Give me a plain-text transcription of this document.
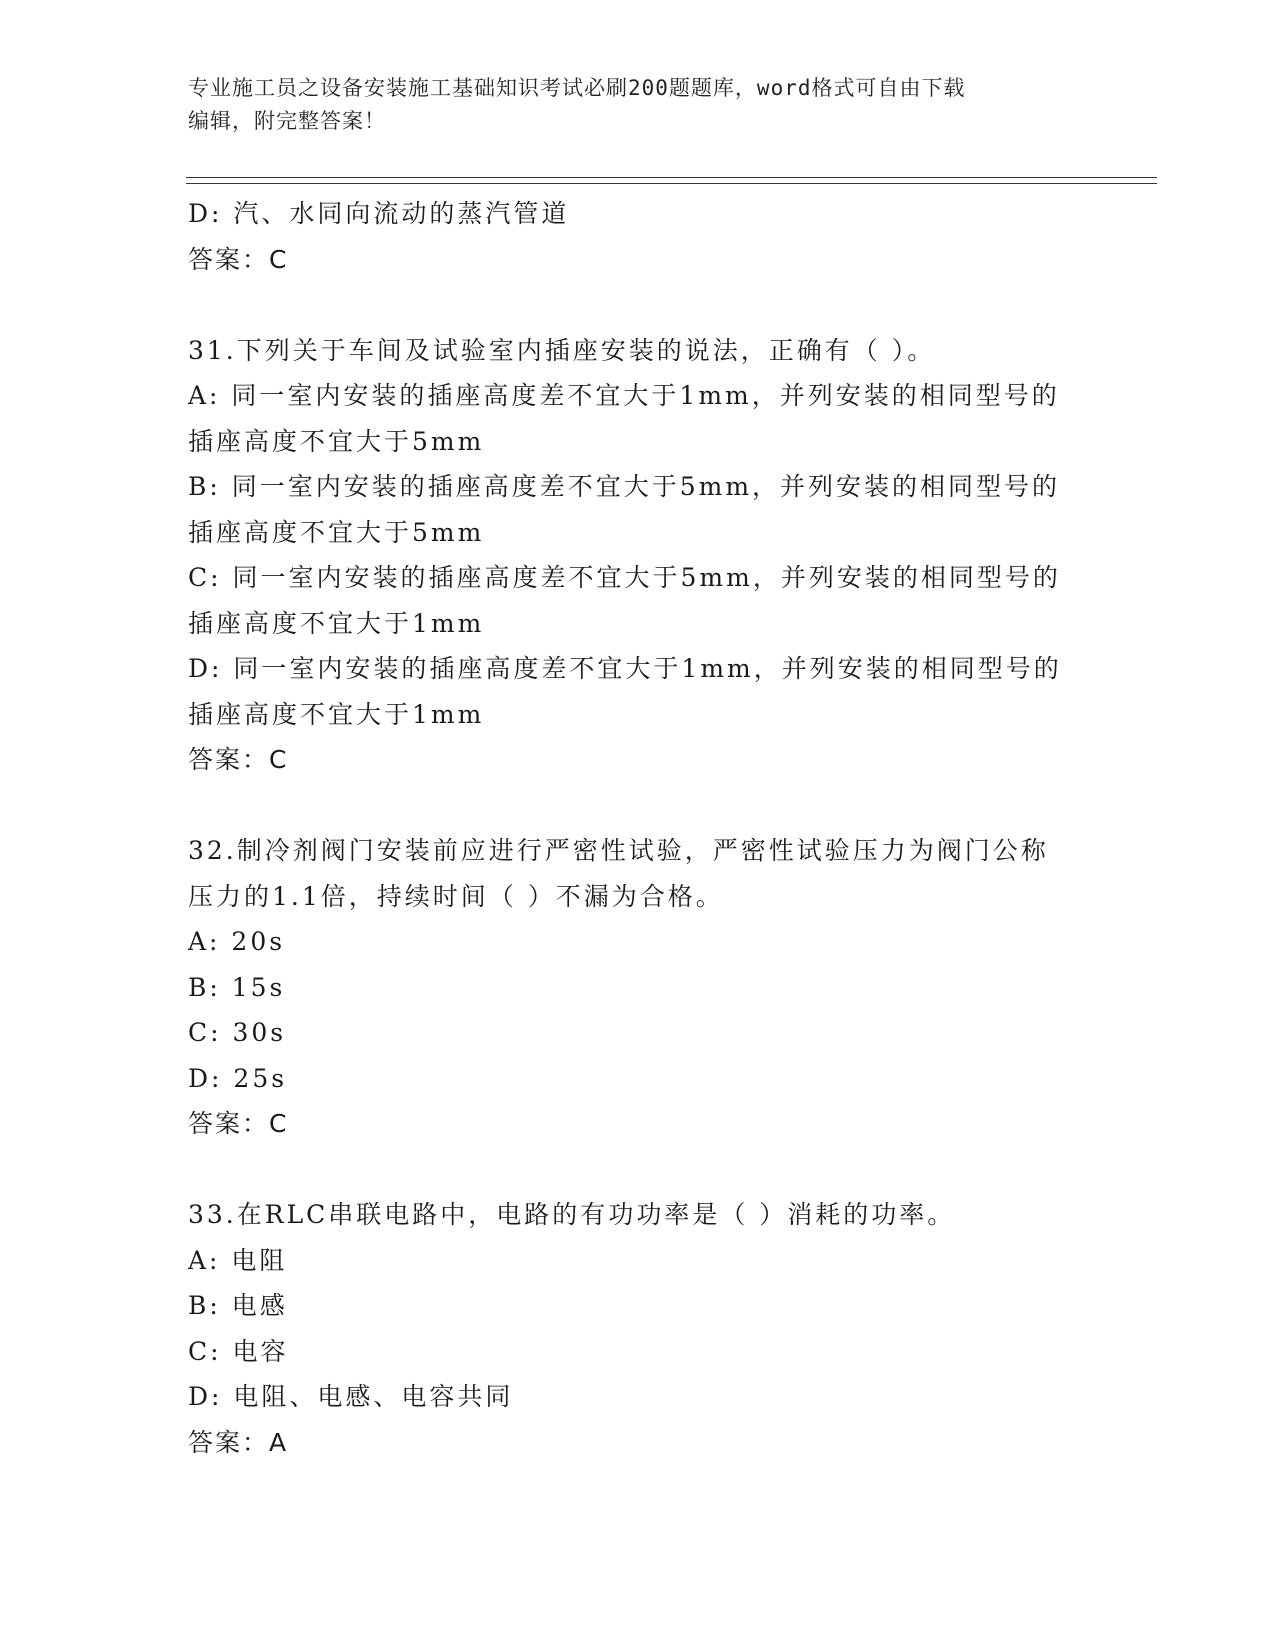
专业施工员之设备安装施工基础知识考试必刷200题题库，word格式可自由下载
编辑，附完整答案！
D: 汽、水同向流动的蒸汽管道
答案：C
31.下列关于车间及试验室内插座安装的说法，正确有（ ）。
A: 同一室内安装的插座高度差不宜大于1mm，并列安装的相同型号的
插座高度不宜大于5mm
B: 同一室内安装的插座高度差不宜大于5mm，并列安装的相同型号的
插座高度不宜大于5mm
C: 同一室内安装的插座高度差不宜大于5mm，并列安装的相同型号的
插座高度不宜大于1mm
D: 同一室内安装的插座高度差不宜大于1mm，并列安装的相同型号的
插座高度不宜大于1mm
答案：C
32.制冷剂阀门安装前应进行严密性试验，严密性试验压力为阀门公称
压力的1.1倍，持续时间（ ）不漏为合格。
A: 20s
B: 15s
C: 30s
D: 25s
答案：C
33.在RLC串联电路中，电路的有功功率是（ ）消耗的功率。
A: 电阻
B: 电感
C: 电容
D: 电阻、电感、电容共同
答案：A
